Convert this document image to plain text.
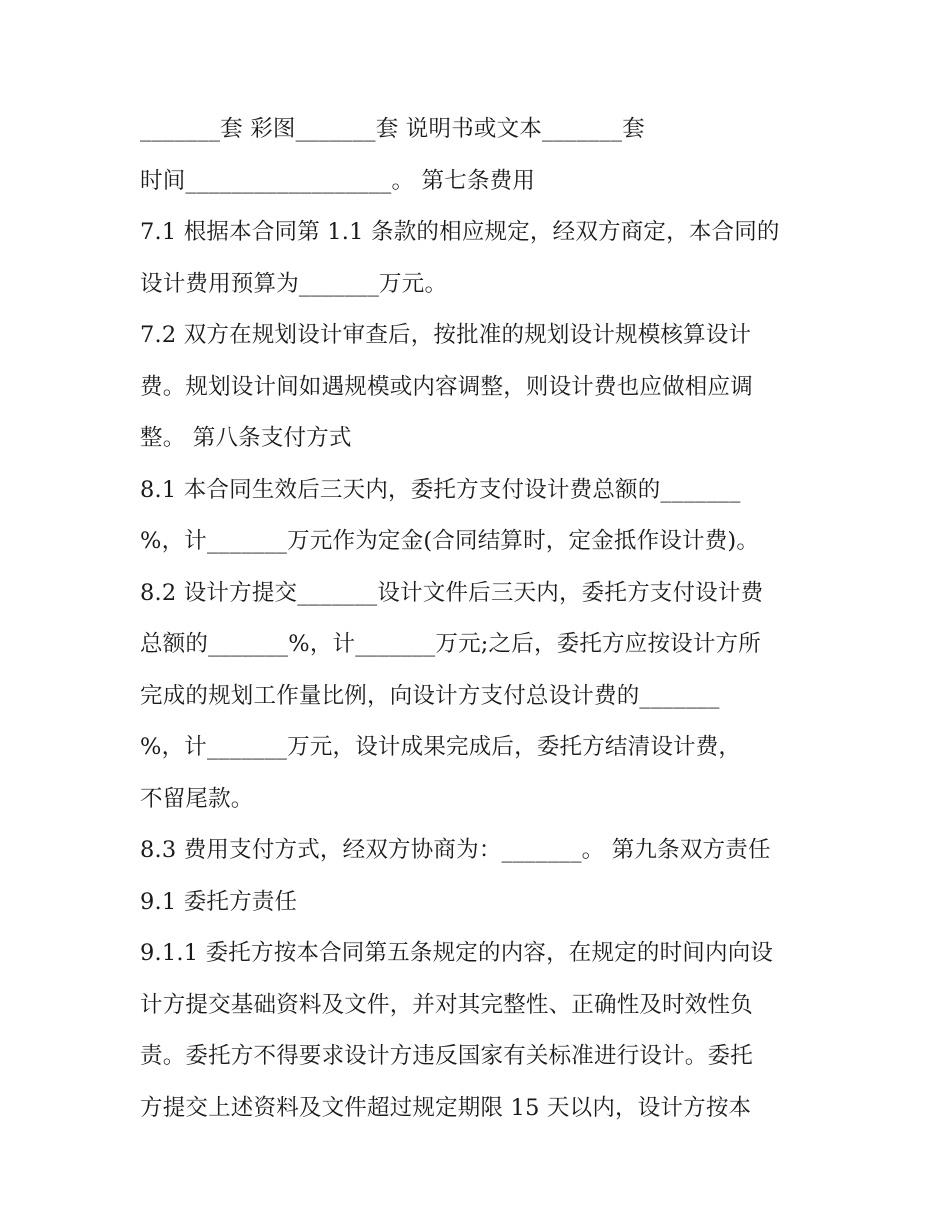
_______套 彩图_______套 说明书或文本_______套
时间__________________。 第七条费用
7.1 根据本合同第 1.1 条款的相应规定，经双方商定，本合同的
设计费用预算为_______万元。
7.2 双方在规划设计审查后，按批准的规划设计规模核算设计
费。规划设计间如遇规模或内容调整，则设计费也应做相应调
整。 第八条支付方式
8.1 本合同生效后三天内，委托方支付设计费总额的_______
%，计_______万元作为定金(合同结算时，定金抵作设计费)。
8.2 设计方提交_______设计文件后三天内，委托方支付设计费
总额的_______%，计_______万元;之后，委托方应按设计方所
完成的规划工作量比例，向设计方支付总设计费的_______
%，计_______万元，设计成果完成后，委托方结清设计费，
不留尾款。
8.3 费用支付方式，经双方协商为：_______。 第九条双方责任
9.1 委托方责任
9.1.1 委托方按本合同第五条规定的内容，在规定的时间内向设
计方提交基础资料及文件，并对其完整性、正确性及时效性负
责。委托方不得要求设计方违反国家有关标准进行设计。委托
方提交上述资料及文件超过规定期限 15 天以内，设计方按本
